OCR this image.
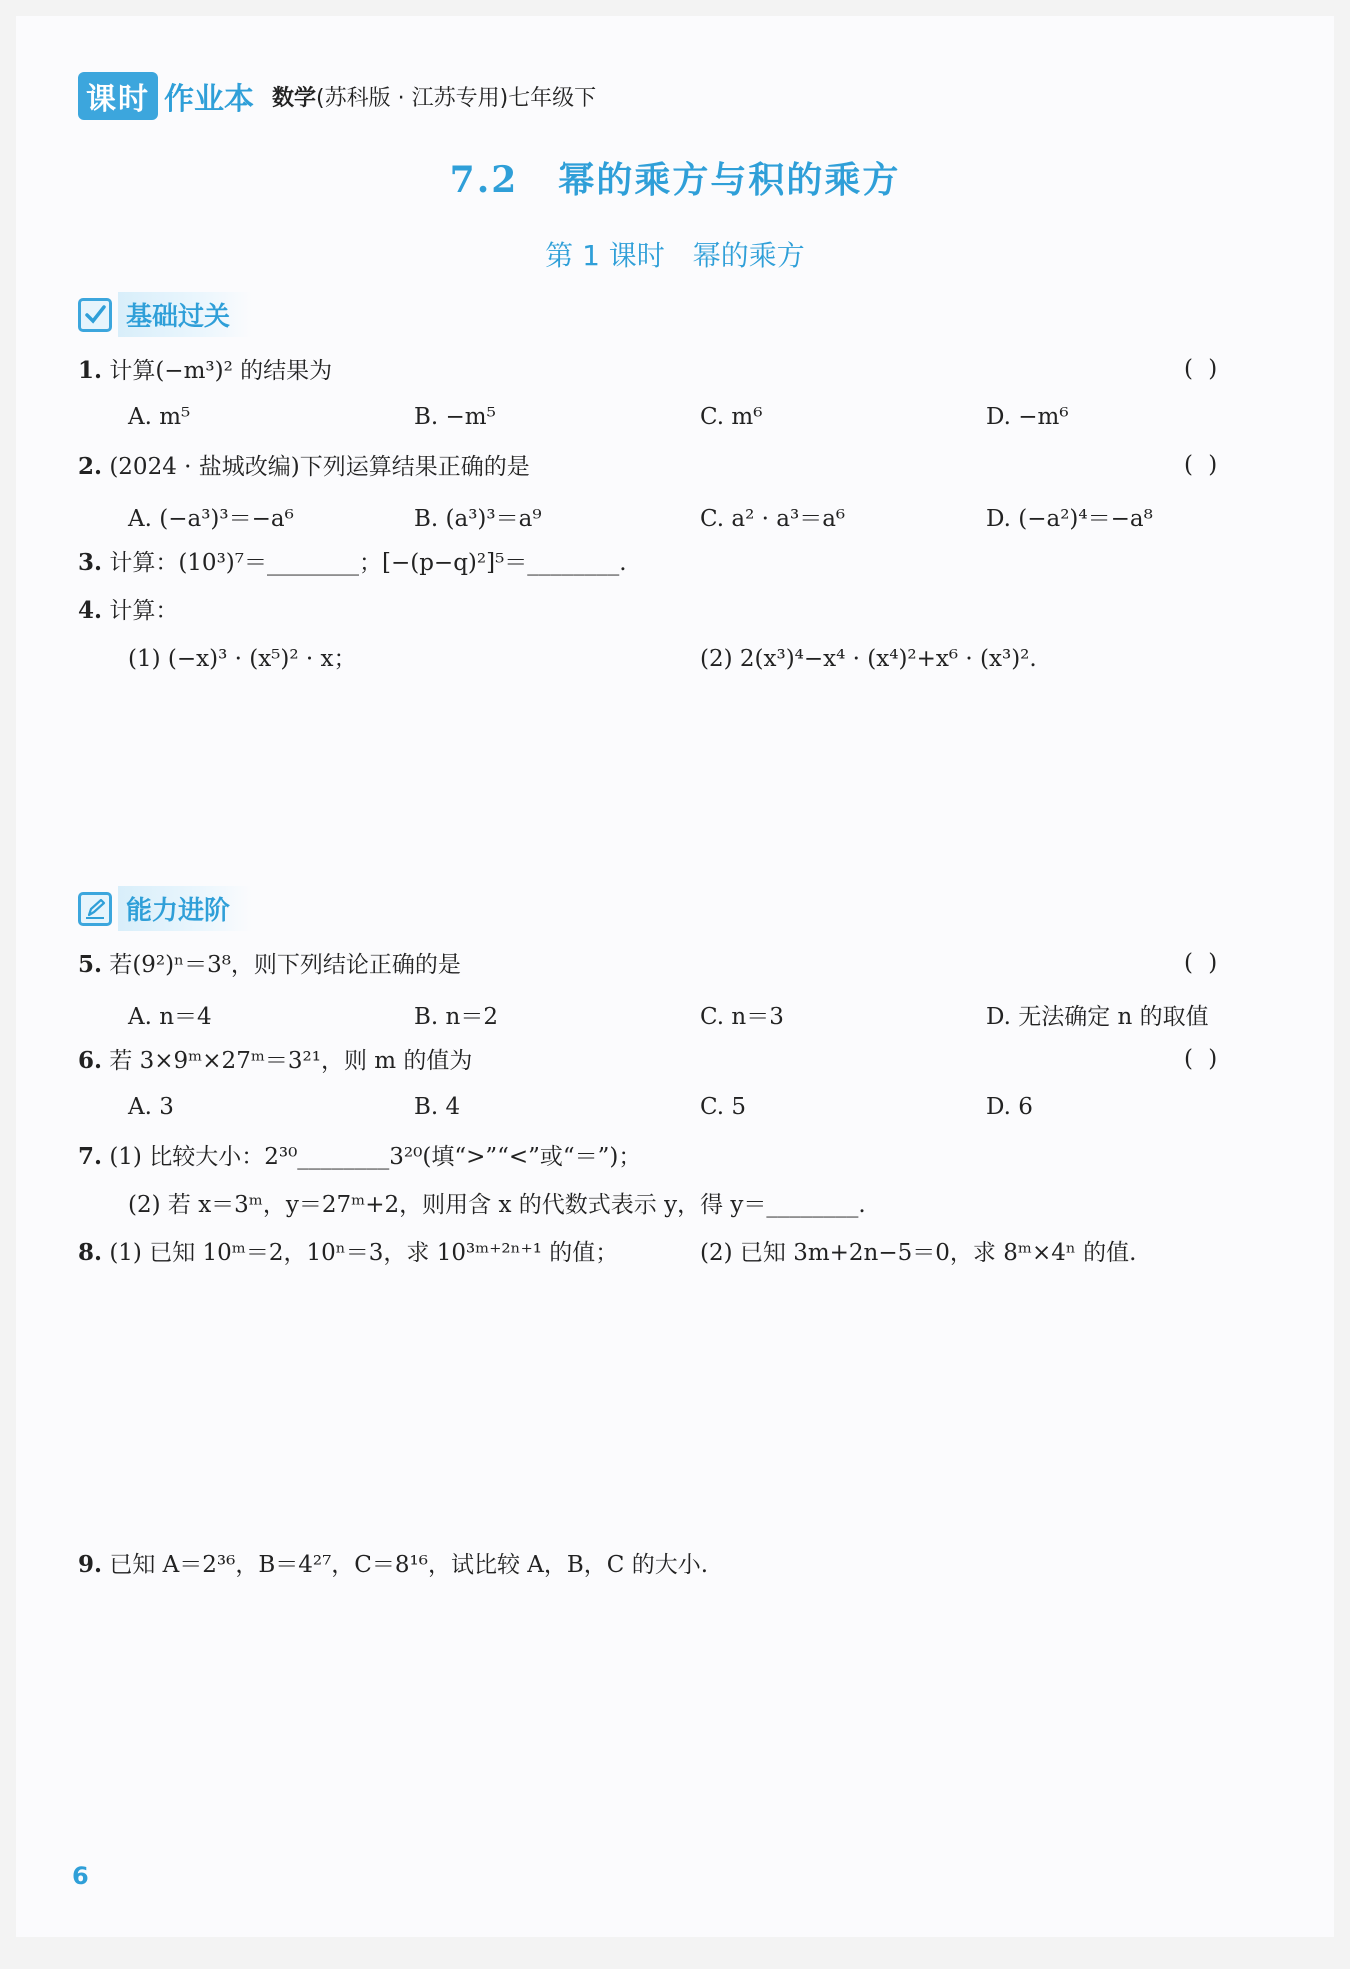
课时 作业本 数学(苏科版 · 江苏专用)七年级下
7.2 幂的乘方与积的乘方
第 1 课时 幂的乘方
基础过关
1. 计算(−m³)² 的结果为	( )
A. m⁵	B. −m⁵	C. m⁶	D. −m⁶
2. (2024 · 盐城改编)下列运算结果正确的是	( )
A. (−a³)³＝−a⁶	B. (a³)³＝a⁹	C. a² · a³＝a⁶	D. (−a²)⁴＝−a⁸
3. 计算：(10³)⁷＝________；[−(p−q)²]⁵＝________.
4. 计算：
(1) (−x)³ · (x⁵)² · x；	(2) 2(x³)⁴−x⁴ · (x⁴)²+x⁶ · (x³)².
能力进阶
5. 若(9²)ⁿ＝3⁸，则下列结论正确的是	( )
A. n＝4	B. n＝2	C. n＝3	D. 无法确定 n 的取值
6. 若 3×9ᵐ×27ᵐ＝3²¹，则 m 的值为	( )
A. 3	B. 4	C. 5	D. 6
7. (1) 比较大小：2³⁰________3²⁰(填“>”“<”或“＝”)；
(2) 若 x＝3ᵐ，y＝27ᵐ+2，则用含 x 的代数式表示 y，得 y＝________.
8. (1) 已知 10ᵐ＝2，10ⁿ＝3，求 10³ᵐ⁺²ⁿ⁺¹ 的值；	(2) 已知 3m+2n−5＝0，求 8ᵐ×4ⁿ 的值.
9. 已知 A＝2³⁶，B＝4²⁷，C＝8¹⁶，试比较 A，B，C 的大小.
6
